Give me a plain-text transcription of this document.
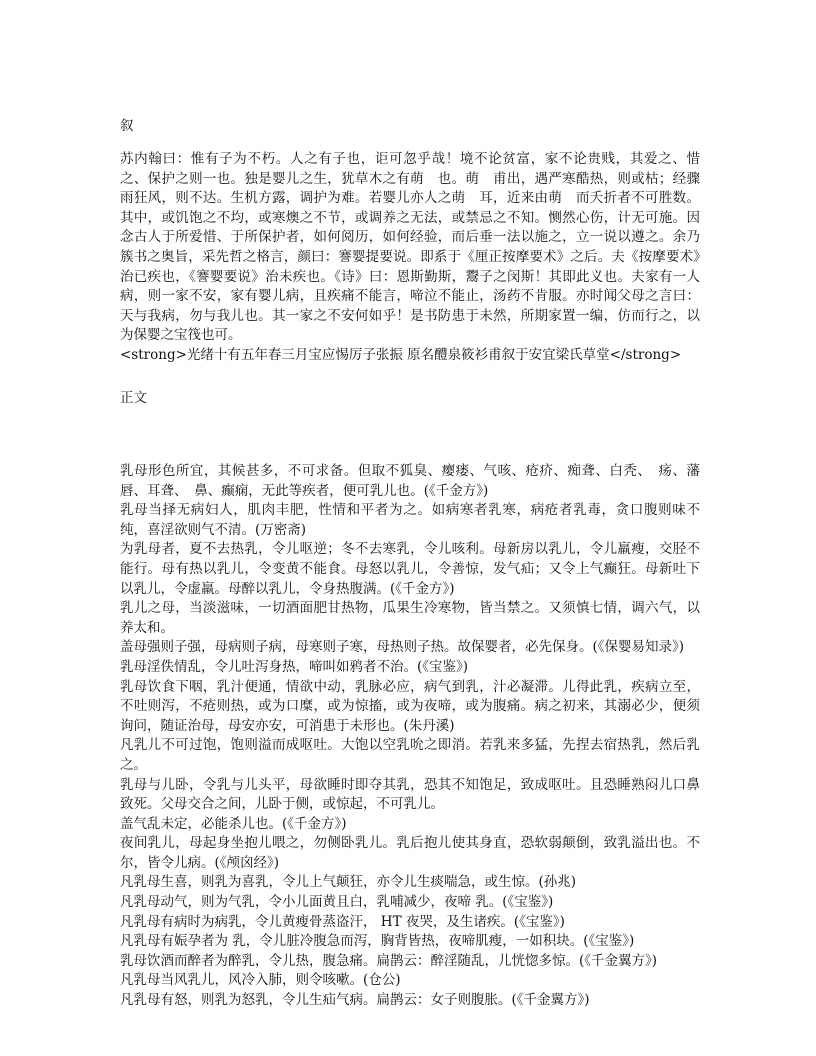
叙

苏内翰曰：惟有子为不朽。人之有子也，讵可忽乎哉！境不论贫富，家不论贵贱，其爱之、惜之、保护之则一也。独是婴儿之生，犹草木之有萌　也。萌　甫出，遇严寒酷热，则或枯；经骤雨狂风，则不达。生机方露，调护为难。若婴儿亦人之萌　耳，近来由萌　而夭折者不可胜数。其中，或饥饱之不均，或寒燠之不节，或调养之无法，或禁忌之不知。恻然心伤，计无可施。因念古人于所爱惜、于所保护者，如何阅历，如何经验，而后垂一法以施之，立一说以遵之。余乃簇书之奥旨，采先哲之格言，颜曰：謇婴提要说。即系于《厘正按摩要术》之后。夫《按摩要术》治已疾也，《謇婴要说》治未疾也。《诗》曰：恩斯勤斯，鬻子之闵斯！其即此义也。夫家有一人病，则一家不安，家有婴儿病，且疾痛不能言，啼泣不能止，汤药不肯服。亦时闻父母之言曰：天与我病，勿与我儿也。其一家之不安何如乎！是书防患于未然，所期家置一编，仿而行之，以为保婴之宝筏也可。

<strong>光绪十有五年春三月宝应惕厉子张振 原名醴泉筱衫甫叙于安宜梁氏草堂</strong>

正文

乳母形色所宜，其候甚多，不可求备。但取不狐臭、瘿瘘、气咳、疮疥、痴聋、白秃、　疡、藩唇、耳聋、　鼻、癫痫，无此等疾者，便可乳儿也。(《千金方》)

乳母当择无病妇人，肌肉丰肥，性情和平者为之。如病寒者乳寒，病疮者乳毒，贪口腹则味不纯，喜淫欲则气不清。(万密斋)

为乳母者，夏不去热乳，令儿呕逆；冬不去寒乳，令儿咳利。母新房以乳儿，令儿羸瘦，交胫不能行。母有热以乳儿，令变黄不能食。母怒以乳儿，令善惊，发气疝；又令上气癫狂。母新吐下以乳儿，令虚羸。母醉以乳儿，令身热腹满。(《千金方》)

乳儿之母，当淡滋味，一切酒面肥甘热物，瓜果生冷寒物，皆当禁之。又须慎七情，调六气，以养太和。

盖母强则子强，母病则子病，母寒则子寒，母热则子热。故保婴者，必先保身。(《保婴易知录》)

乳母淫佚情乱，令儿吐泻身热，啼叫如鸦者不治。(《宝鉴》)

乳母饮食下咽，乳汁便通，情欲中动，乳脉必应，病气到乳，汁必凝滞。儿得此乳，疾病立至，不吐则泻，不疮则热，或为口糜，或为惊搐，或为夜啼，或为腹痛。病之初来，其溺必少，便须询问，随证治母，母安亦安，可消患于未形也。(朱丹溪)

凡乳儿不可过饱，饱则溢而成呕吐。大饱以空乳吮之即消。若乳来多猛，先捏去宿热乳，然后乳之。

乳母与儿卧，令乳与儿头平，母欲睡时即夺其乳，恐其不知饱足，致成呕吐。且恐睡熟闷儿口鼻致死。父母交合之间，儿卧于侧，或惊起，不可乳儿。

盖气乱未定，必能杀儿也。(《千金方》)

夜间乳儿，母起身坐抱儿喂之，勿侧卧乳儿。乳后抱儿使其身直，恐软弱颠倒，致乳溢出也。不尔，皆令儿病。(《颅囟经》)

凡乳母生喜，则乳为喜乳，令儿上气颠狂，亦令儿生痰喘急，或生惊。(孙兆)

凡乳母动气，则为气乳，令小儿面黄且白，乳哺减少，夜啼 乳。(《宝鉴》)

凡乳母有病时为病乳，令儿黄瘦骨蒸盗汗， HT 夜哭，及生诸疾。(《宝鉴》)

凡乳母有娠孕者为 乳，令儿脏冷腹急而泻，胸背皆热，夜啼肌瘦，一如积块。(《宝鉴》)

乳母饮酒而醉者为醉乳，令儿热，腹急痛。扁鹊云：醉淫随乱，儿恍惚多惊。(《千金翼方》)

凡乳母当风乳儿，风冷入肺，则令咳嗽。(仓公)

凡乳母有怒，则乳为怒乳，令儿生疝气病。扁鹊云：女子则腹胀。(《千金翼方》)
